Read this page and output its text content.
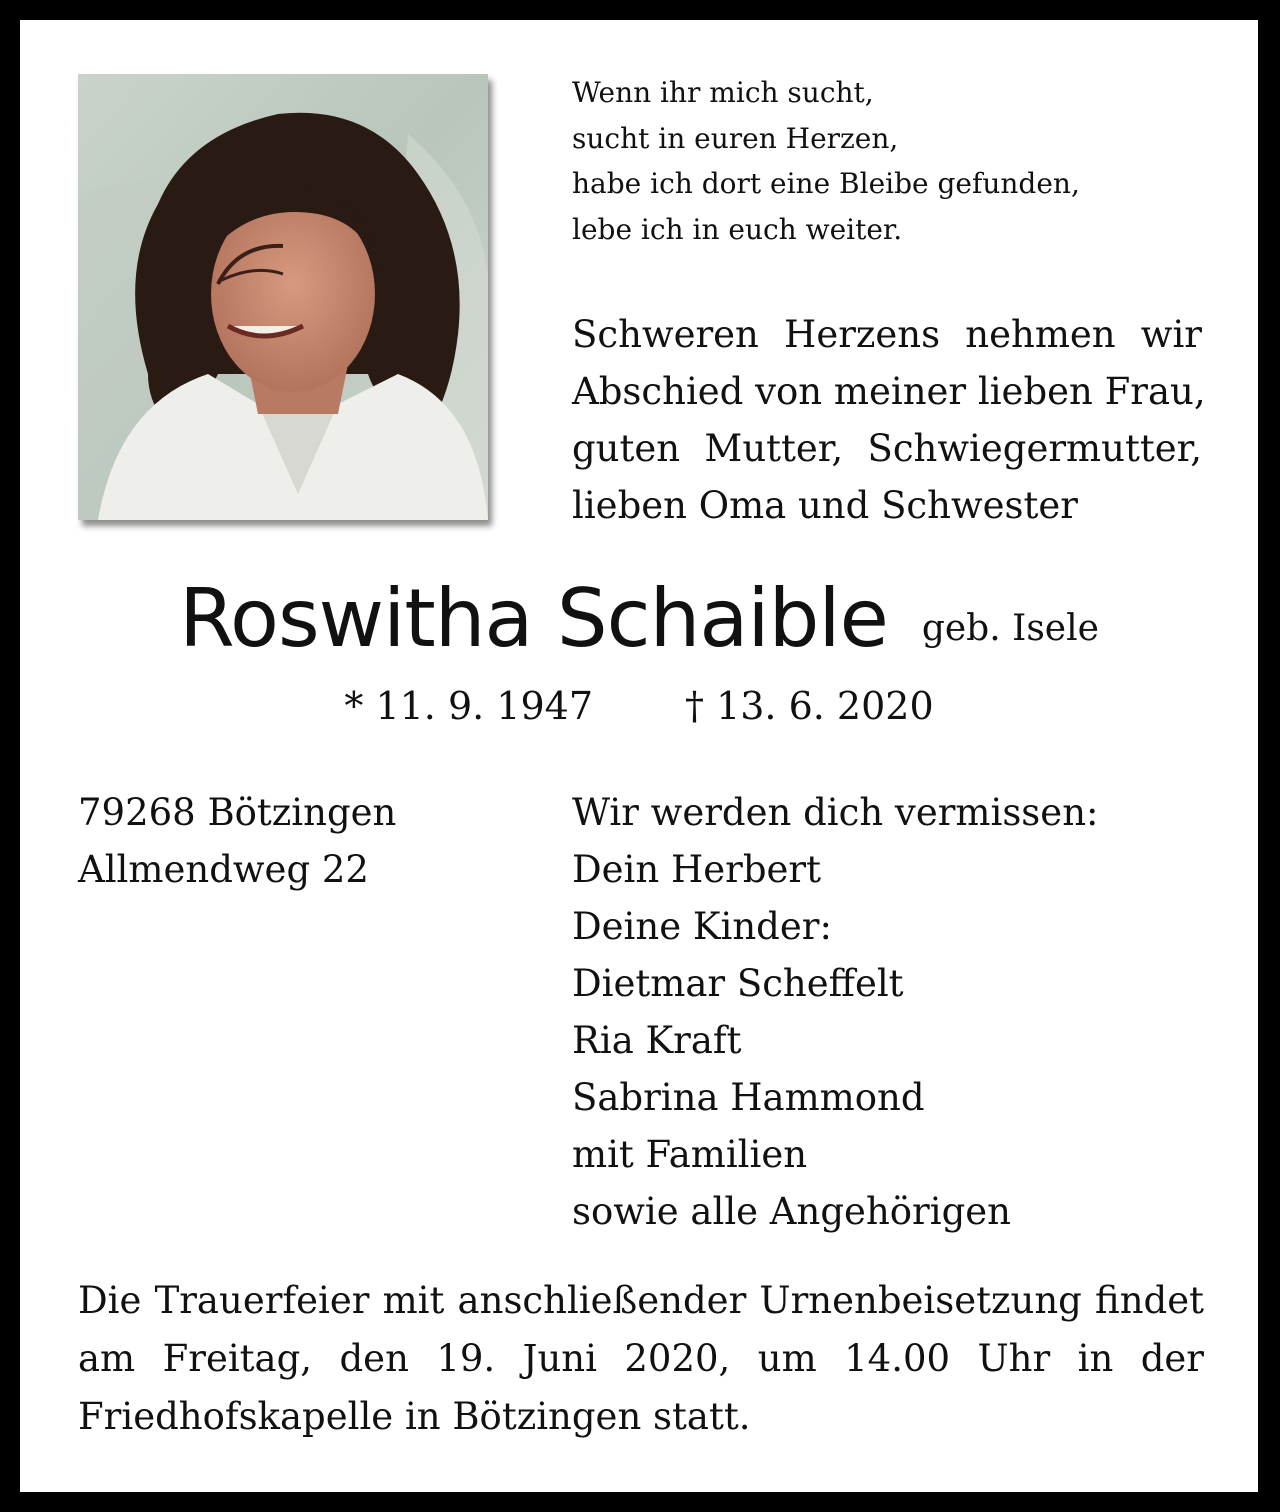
Wenn ihr mich sucht,
sucht in euren Herzen,
habe ich dort eine Bleibe gefunden,
lebe ich in euch weiter.
Schweren Herzens nehmen wir
Abschied von meiner lieben Frau,
guten Mutter, Schwiegermutter,
lieben Oma und Schwester
Roswitha Schaible geb. Isele
* 11. 9. 1947 † 13. 6. 2020
79268 Bötzingen
Allmendweg 22
Wir werden dich vermissen:
Dein Herbert
Deine Kinder:
Dietmar Scheffelt
Ria Kraft
Sabrina Hammond
mit Familien
sowie alle Angehörigen
Die Trauerfeier mit anschließender Urnenbeisetzung findet
am Freitag, den 19. Juni 2020, um 14.00 Uhr in der
Friedhofskapelle in Bötzingen statt.
